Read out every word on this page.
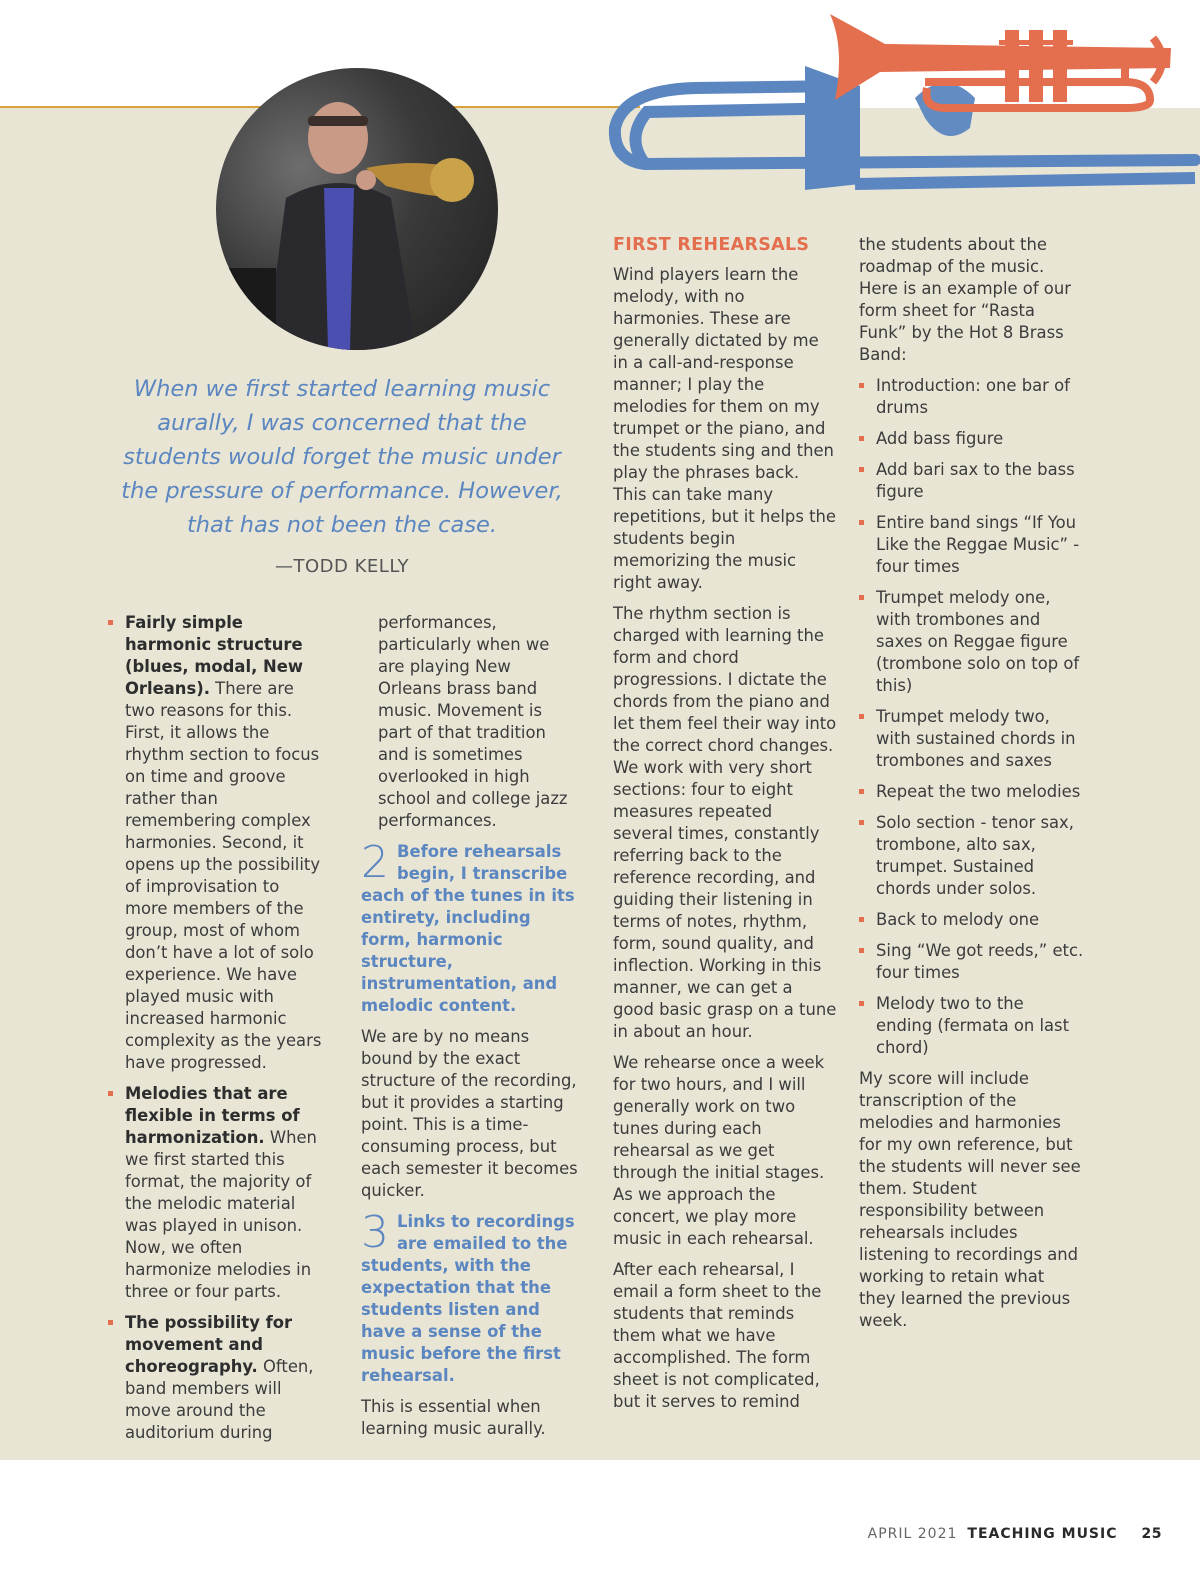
When we first started learning music aurally, I was concerned that the students would forget the music under the pressure of performance. However, that has not been the case.
—TODD KELLY
Fairly simple harmonic structure (blues, modal, New Orleans). There are two reasons for this. First, it allows the rhythm section to focus on time and groove rather than remembering complex harmonies. Second, it opens up the possibility of improvisation to more members of the group, most of whom don’t have a lot of solo experience. We have played music with increased harmonic complexity as the years have progressed.
Melodies that are flexible in terms of harmonization. When we first started this format, the majority of the melodic material was played in unison. Now, we often harmonize melodies in three or four parts.
The possibility for movement and choreography. Often, band members will move around the auditorium during

performances, particularly when we are playing New Orleans brass band music. Movement is part of that tradition and is sometimes overlooked in high school and college jazz performances.

2 Before rehearsals begin, I transcribe each of the tunes in its entirety, including form, harmonic structure, instrumentation, and melodic content.

We are by no means bound by the exact structure of the recording, but it provides a starting point. This is a time-consuming process, but each semester it becomes quicker.

3 Links to recordings are emailed to the students, with the expectation that the students listen and have a sense of the music before the first rehearsal.

This is essential when learning music aurally.

FIRST REHEARSALS

Wind players learn the melody, with no harmonies. These are generally dictated by me in a call-and-response manner; I play the melodies for them on my trumpet or the piano, and the students sing and then play the phrases back. This can take many repetitions, but it helps the students begin memorizing the music right away.

The rhythm section is charged with learning the form and chord progressions. I dictate the chords from the piano and let them feel their way into the correct chord changes. We work with very short sections: four to eight measures repeated several times, constantly referring back to the reference recording, and guiding their listening in terms of notes, rhythm, form, sound quality, and inflection. Working in this manner, we can get a good basic grasp on a tune in about an hour.

We rehearse once a week for two hours, and I will generally work on two tunes during each rehearsal as we get through the initial stages. As we approach the concert, we play more music in each rehearsal.

After each rehearsal, I email a form sheet to the students that reminds them what we have accomplished. The form sheet is not complicated, but it serves to remind

the students about the roadmap of the music. Here is an example of our form sheet for “Rasta Funk” by the Hot 8 Brass Band:

Introduction: one bar of drums
Add bass figure
Add bari sax to the bass figure
Entire band sings “If You Like the Reggae Music” - four times
Trumpet melody one, with trombones and saxes on Reggae figure (trombone solo on top of this)
Trumpet melody two, with sustained chords in trombones and saxes
Repeat the two melodies
Solo section - tenor sax, trombone, alto sax, trumpet. Sustained chords under solos.
Back to melody one
Sing “We got reeds,” etc. four times
Melody two to the ending (fermata on last chord)

My score will include transcription of the melodies and harmonies for my own reference, but the students will never see them. Student responsibility between rehearsals includes listening to recordings and working to retain what they learned the previous week.

APRIL 2021 TEACHING MUSIC 25
